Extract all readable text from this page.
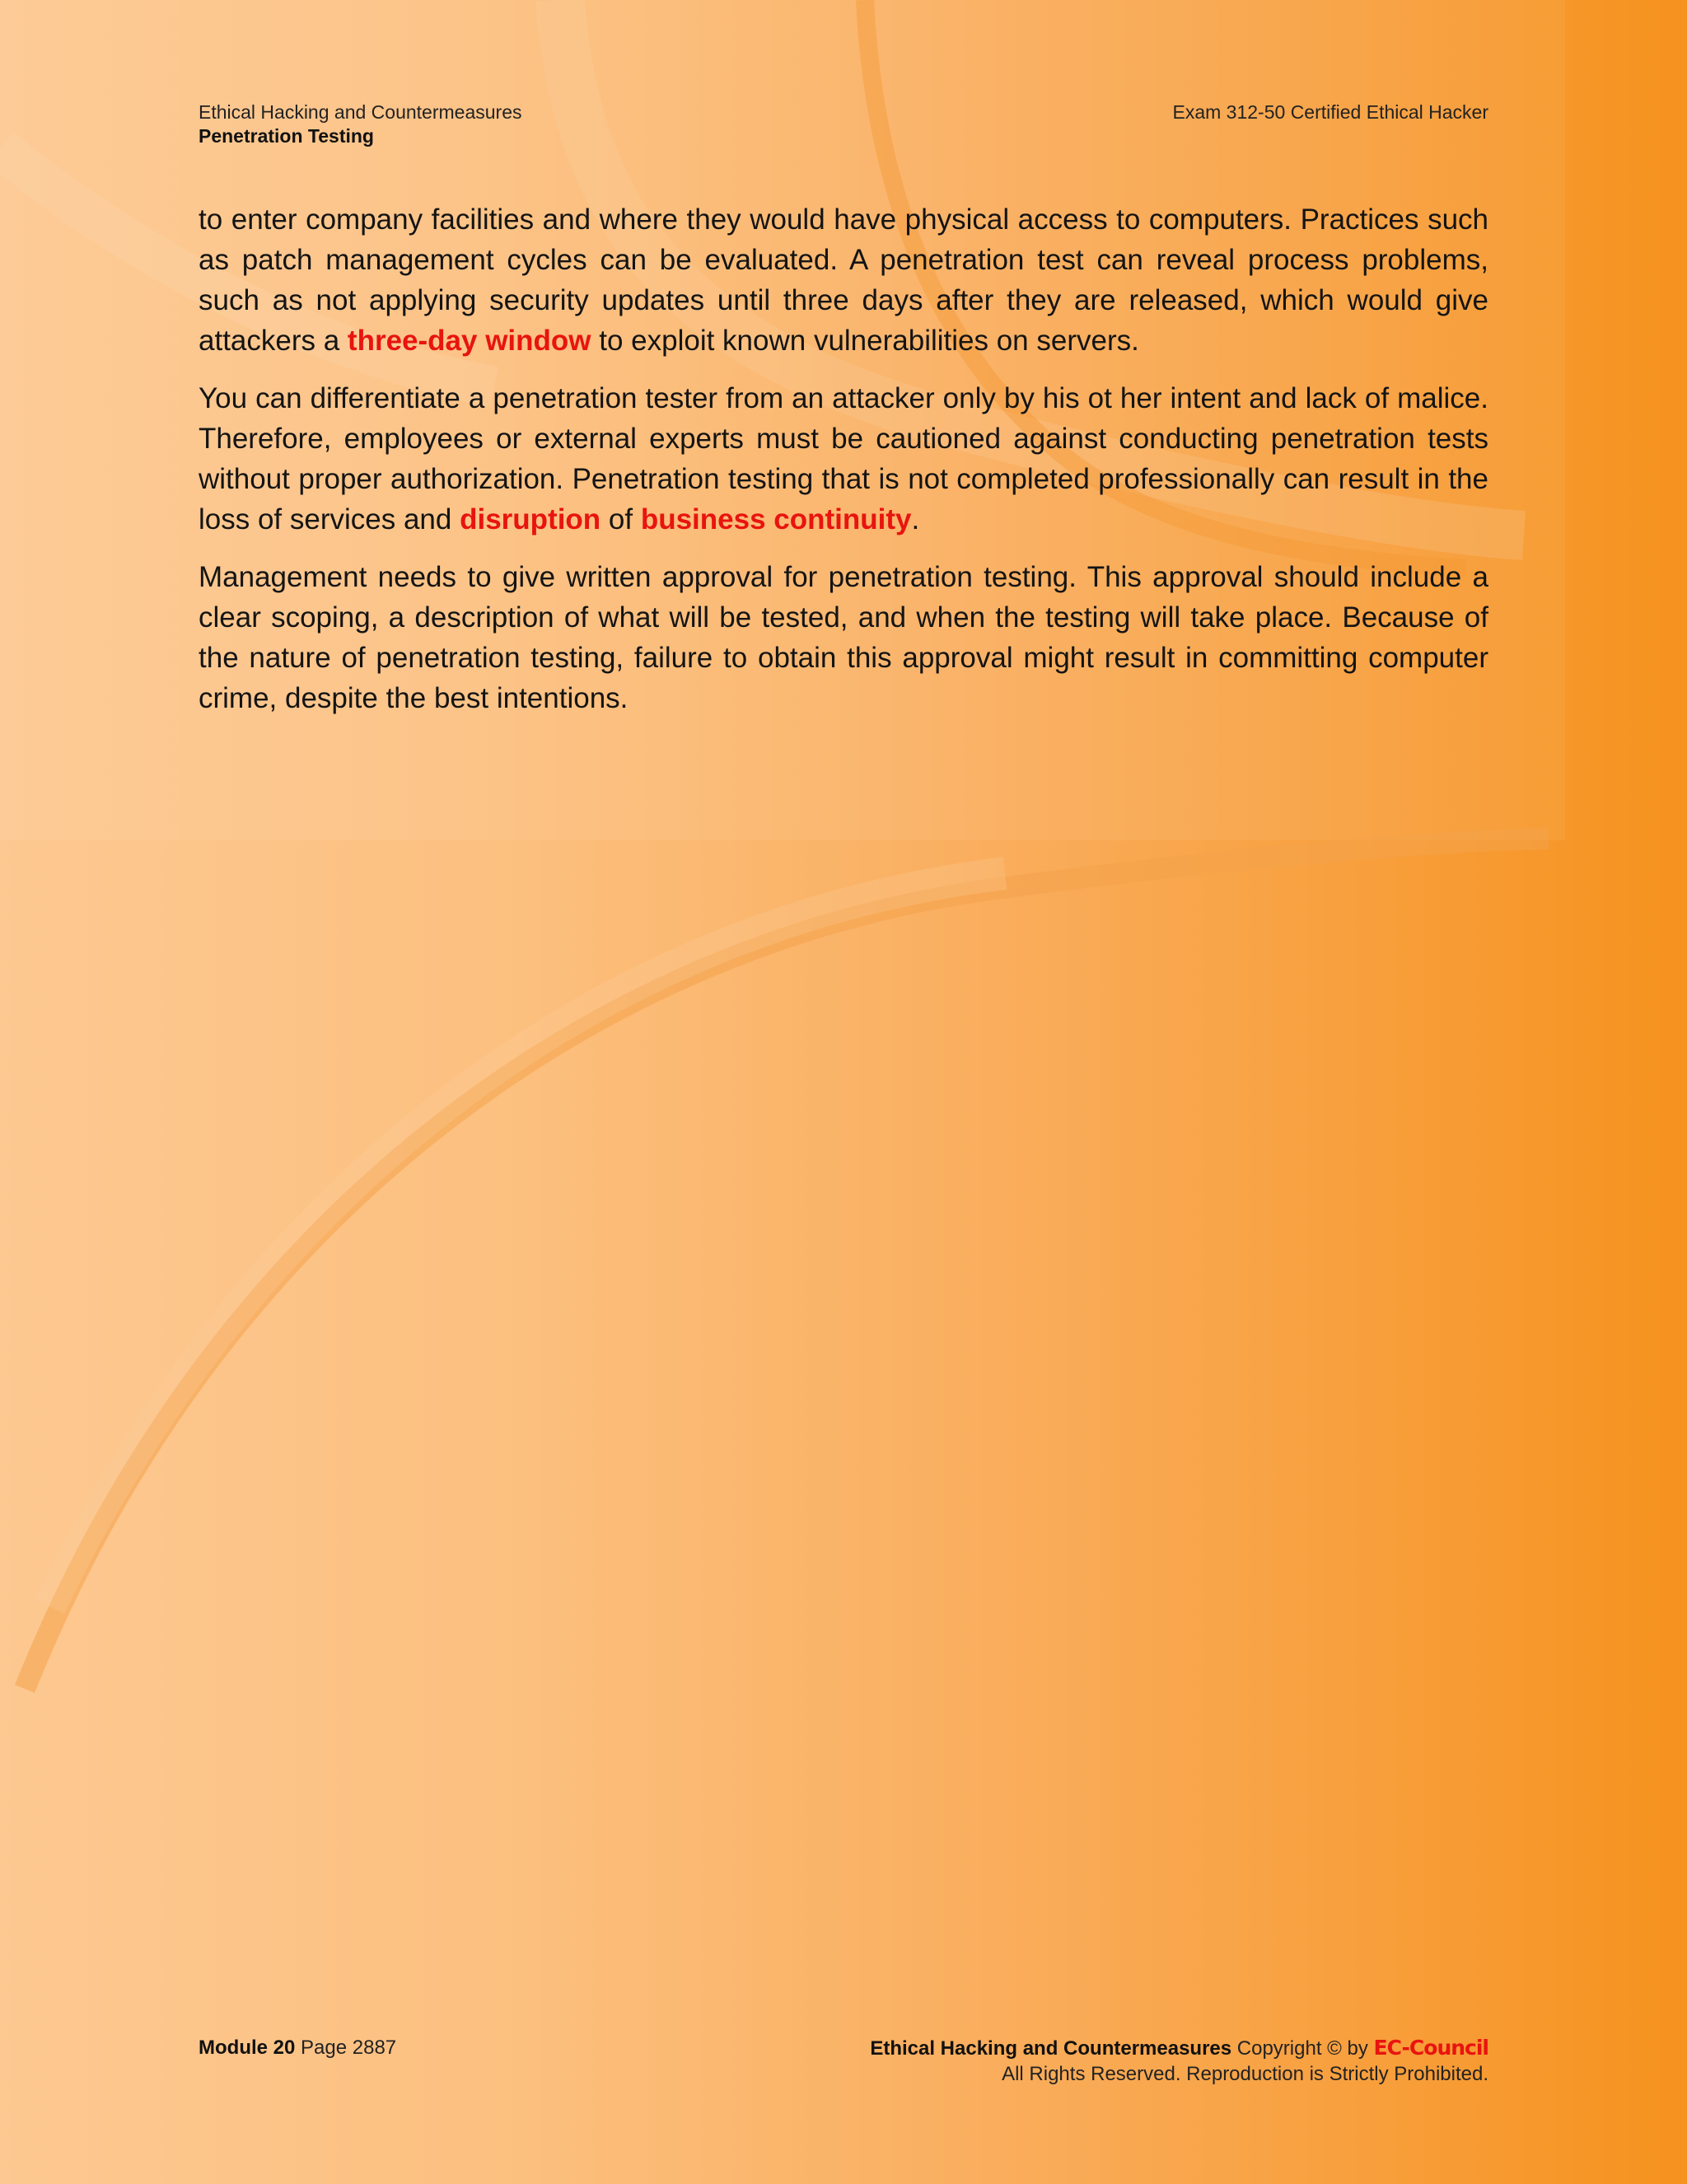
Ethical Hacking and Countermeasures
Penetration Testing
Exam 312-50 Certified Ethical Hacker

to enter company facilities and where they would have physical access to computers. Practices such as patch management cycles can be evaluated. A penetration test can reveal process problems, such as not applying security updates until three days after they are released, which would give attackers a three-day window to exploit known vulnerabilities on servers.

You can differentiate a penetration tester from an attacker only by his ot her intent and lack of malice. Therefore, employees or external experts must be cautioned against conducting penetration tests without proper authorization. Penetration testing that is not completed professionally can result in the loss of services and disruption of business continuity.

Management needs to give written approval for penetration testing. This approval should include a clear scoping, a description of what will be tested, and when the testing will take place. Because of the nature of penetration testing, failure to obtain this approval might result in committing computer crime, despite the best intentions.

Module 20 Page 2887	Ethical Hacking and Countermeasures Copyright © by EC-Council
All Rights Reserved. Reproduction is Strictly Prohibited.
